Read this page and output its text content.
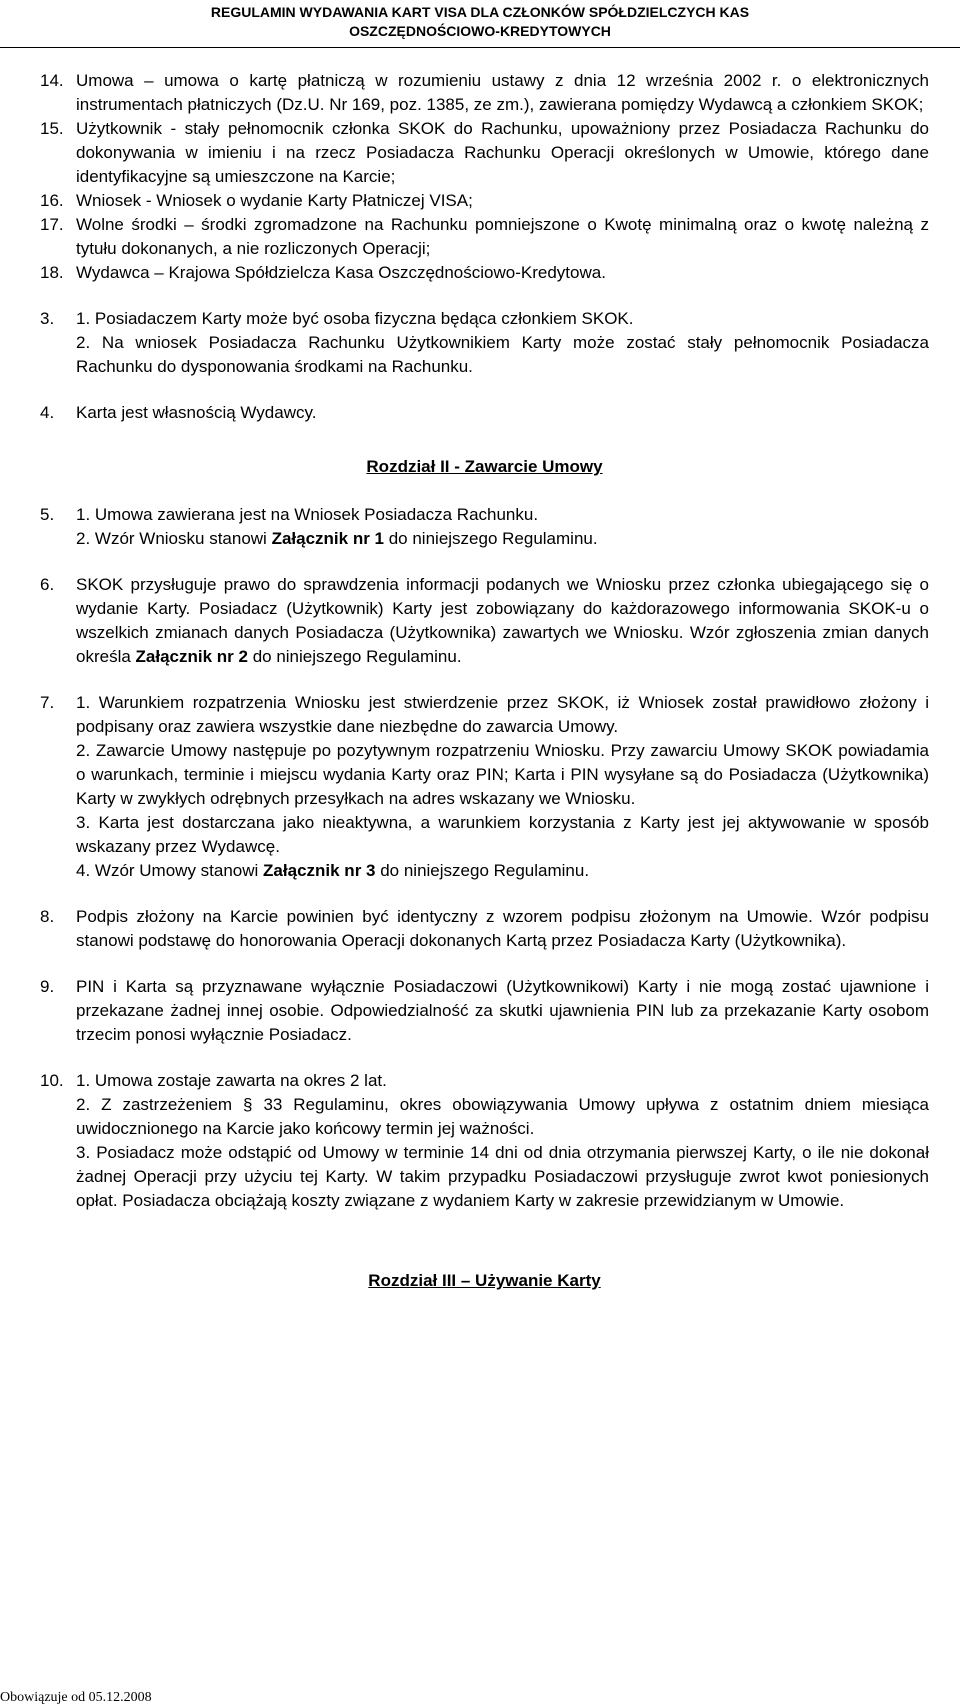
REGULAMIN WYDAWANIA KART VISA DLA CZŁONKÓW SPÓŁDZIELCZYCH KAS
OSZCZĘDNOŚCIOWO-KREDYTOWYCH
14. Umowa – umowa o kartę płatniczą w rozumieniu ustawy z dnia 12 września 2002 r. o elektronicznych instrumentach płatniczych (Dz.U. Nr 169, poz. 1385, ze zm.), zawierana pomiędzy Wydawcą a członkiem SKOK;
15. Użytkownik - stały pełnomocnik członka SKOK do Rachunku, upoważniony przez Posiadacza Rachunku do dokonywania w imieniu i na rzecz Posiadacza Rachunku Operacji określonych w Umowie, którego dane identyfikacyjne są umieszczone na Karcie;
16. Wniosek - Wniosek o wydanie Karty Płatniczej VISA;
17. Wolne środki – środki zgromadzone na Rachunku pomniejszone o Kwotę minimalną oraz o kwotę należną z tytułu dokonanych, a nie rozliczonych Operacji;
18. Wydawca – Krajowa Spółdzielcza Kasa Oszczędnościowo-Kredytowa.
3. 1. Posiadaczem Karty może być osoba fizyczna będąca członkiem SKOK.
2. Na wniosek Posiadacza Rachunku Użytkownikiem Karty może zostać stały pełnomocnik Posiadacza Rachunku do dysponowania środkami na Rachunku.
4. Karta jest własnością Wydawcy.
Rozdział II - Zawarcie Umowy
5. 1. Umowa zawierana jest na Wniosek Posiadacza Rachunku.
2. Wzór Wniosku stanowi Załącznik nr 1 do niniejszego Regulaminu.
6. SKOK przysługuje prawo do sprawdzenia informacji podanych we Wniosku przez członka ubiegającego się o wydanie Karty. Posiadacz (Użytkownik) Karty jest zobowiązany do każdorazowego informowania SKOK-u o wszelkich zmianach danych Posiadacza (Użytkownika) zawartych we Wniosku. Wzór zgłoszenia zmian danych określa Załącznik nr 2 do niniejszego Regulaminu.
7. 1. Warunkiem rozpatrzenia Wniosku jest stwierdzenie przez SKOK, iż Wniosek został prawidłowo złożony i podpisany oraz zawiera wszystkie dane niezbędne do zawarcia Umowy.
2. Zawarcie Umowy następuje po pozytywnym rozpatrzeniu Wniosku. Przy zawarciu Umowy SKOK powiadamia o warunkach, terminie i miejscu wydania Karty oraz PIN; Karta i PIN wysyłane są do Posiadacza (Użytkownika) Karty w zwykłych odrębnych przesyłkach na adres wskazany we Wniosku.
3. Karta jest dostarczana jako nieaktywna, a warunkiem korzystania z Karty jest jej aktywowanie w sposób wskazany przez Wydawcę.
4. Wzór Umowy stanowi Załącznik nr 3 do niniejszego Regulaminu.
8. Podpis złożony na Karcie powinien być identyczny z wzorem podpisu złożonym na Umowie. Wzór podpisu stanowi podstawę do honorowania Operacji dokonanych Kartą przez Posiadacza Karty (Użytkownika).
9. PIN i Karta są przyznawane wyłącznie Posiadaczowi (Użytkownikowi) Karty i nie mogą zostać ujawnione i przekazane żadnej innej osobie. Odpowiedzialność za skutki ujawnienia PIN lub za przekazanie Karty osobom trzecim ponosi wyłącznie Posiadacz.
10. 1. Umowa zostaje zawarta na okres 2 lat.
2. Z zastrzeżeniem § 33 Regulaminu, okres obowiązywania Umowy upływa z ostatnim dniem miesiąca uwidocznionego na Karcie jako końcowy termin jej ważności.
3. Posiadacz może odstąpić od Umowy w terminie 14 dni od dnia otrzymania pierwszej Karty, o ile nie dokonał żadnej Operacji przy użyciu tej Karty. W takim przypadku Posiadaczowi przysługuje zwrot kwot poniesionych opłat. Posiadacza obciążają koszty związane z wydaniem Karty w zakresie przewidzianym w Umowie.
Rozdział III – Używanie Karty
Obowiązuje od 05.12.2008
